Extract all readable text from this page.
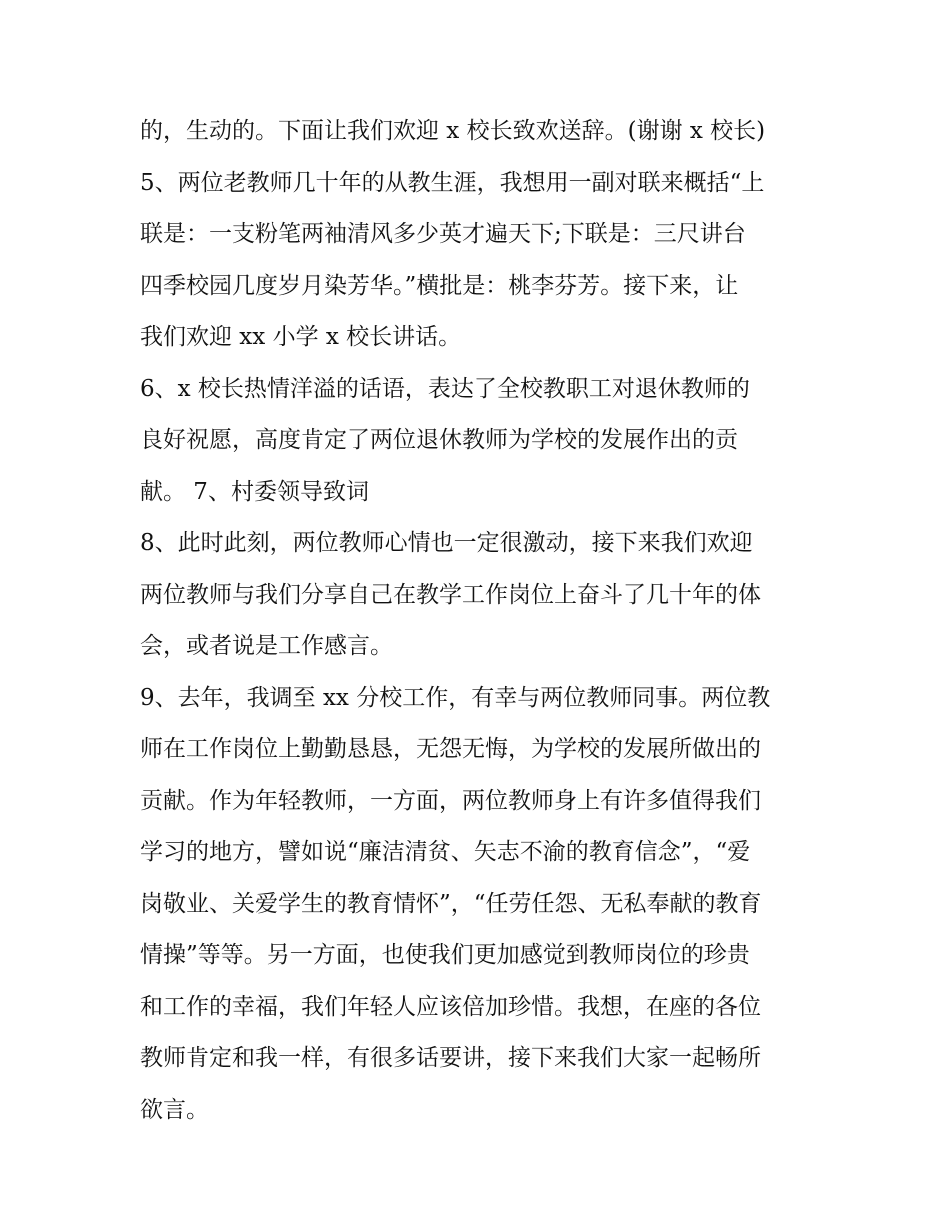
的，生动的。下面让我们欢迎 x 校长致欢送辞。(谢谢 x 校长)
5、两位老教师几十年的从教生涯，我想用一副对联来概括“上
联是：一支粉笔两袖清风多少英才遍天下;下联是：三尺讲台
四季校园几度岁月染芳华。”横批是：桃李芬芳。接下来，让
我们欢迎 xx 小学 x 校长讲话。
6、x 校长热情洋溢的话语，表达了全校教职工对退休教师的
良好祝愿，高度肯定了两位退休教师为学校的发展作出的贡
献。 7、村委领导致词
8、此时此刻，两位教师心情也一定很激动，接下来我们欢迎
两位教师与我们分享自己在教学工作岗位上奋斗了几十年的体
会，或者说是工作感言。
9、去年，我调至 xx 分校工作，有幸与两位教师同事。两位教
师在工作岗位上勤勤恳恳，无怨无悔，为学校的发展所做出的
贡献。作为年轻教师，一方面，两位教师身上有许多值得我们
学习的地方，譬如说“廉洁清贫、矢志不渝的教育信念”，“爱
岗敬业、关爱学生的教育情怀”，“任劳任怨、无私奉献的教育
情操”等等。另一方面，也使我们更加感觉到教师岗位的珍贵
和工作的幸福，我们年轻人应该倍加珍惜。我想，在座的各位
教师肯定和我一样，有很多话要讲，接下来我们大家一起畅所
欲言。
